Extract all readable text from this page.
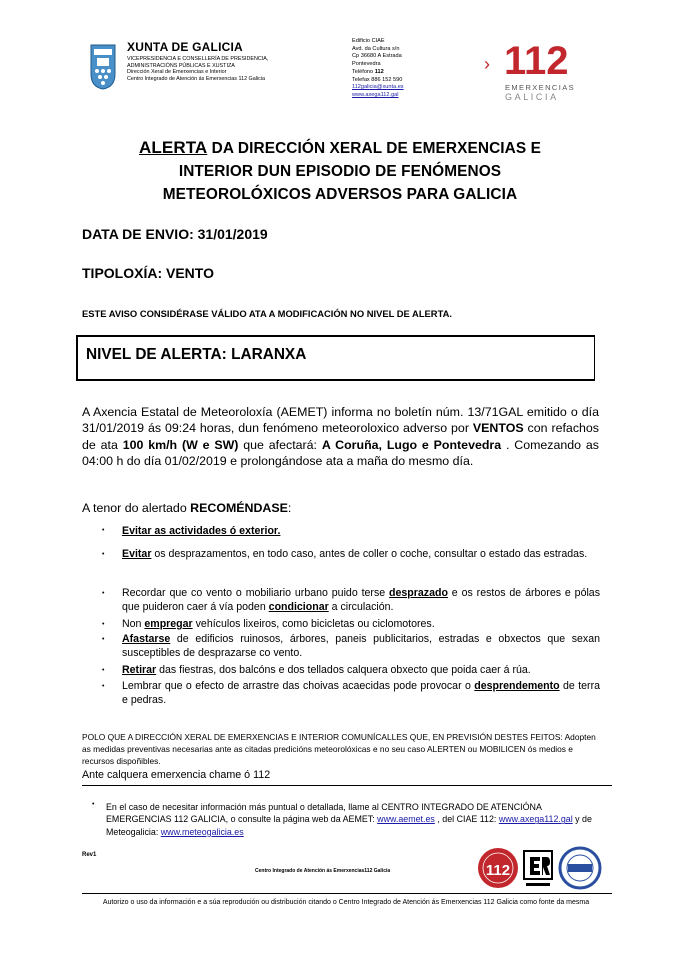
XUNTA DE GALICIA
VICEPRESIDENCIA E CONSELLERÍA DE PRESIDENCIA,
ADMINISTRACIÓNS PÚBLICAS E XUSTIZA
Dirección Xeral de Emerxencias e Interior
Centro Integrado de Atención ás Emerxencias 112 Galicia
Edificio CIAE
Avd. da Cultura s/n
Cp 36680 A Estrada
Pontevedra
Teléfono 112
Telefax 886 152 590
112galicia@xunta.es
www.axega112.gal
› 112
EMERXENCIAS
GALICIA
ALERTA DA DIRECCIÓN XERAL DE EMERXENCIAS E
INTERIOR DUN EPISODIO DE FENÓMENOS
METEOROLÓXICOS ADVERSOS PARA GALICIA
DATA DE ENVIO: 31/01/2019
TIPOLOXÍA: VENTO
ESTE AVISO CONSIDÉRASE VÁLIDO ATA A MODIFICACIÓN NO NIVEL DE ALERTA.
NIVEL DE ALERTA: LARANXA
A Axencia Estatal de Meteoroloxía (AEMET) informa no boletín núm. 13/71GAL emitido o día 31/01/2019 ás 09:24 horas, dun fenómeno meteoroloxico adverso por VENTOS con refachos de ata 100 km/h (W e SW) que afectará: A Coruña, Lugo e Pontevedra . Comezando as 04:00 h do día 01/02/2019 e prolongándose ata a maña do mesmo día.
A tenor do alertado RECOMÉNDASE:
• Evitar as actividades ó exterior.
• Evitar os desprazamentos, en todo caso, antes de coller o coche, consultar o estado das estradas.
• Recordar que co vento o mobiliario urbano puido terse desprazado e os restos de árbores e pólas que puideron caer á vía poden condicionar a circulación.
• Non empregar vehículos lixeiros, como bicicletas ou ciclomotores.
• Afastarse de edificios ruinosos, árbores, paneis publicitarios, estradas e obxectos que sexan susceptibles de desprazarse co vento.
• Retirar das fiestras, dos balcóns e dos tellados calquera obxecto que poida caer á rúa.
• Lembrar que o efecto de arrastre das choivas acaecidas pode provocar o desprendemento de terra e pedras.
POLO QUE A DIRECCIÓN XERAL DE EMERXENCIAS E INTERIOR COMUNÍCALLES QUE, EN PREVISIÓN DESTES FEITOS: Adopten as medidas preventivas necesarias ante as citadas predicións meteorolóxicas e no seu caso ALERTEN ou MOBILICEN ós medios e recursos dispoñibles.
Ante calquera emerxencia chame ó 112
• En el caso de necesitar información más puntual o detallada, llame al CENTRO INTEGRADO DE ATENCIÓNA EMERGENCIAS 112 GALICIA, o consulte la página web da AEMET: www.aemet.es , del CIAE 112: www.axega112.gal y de Meteogalicia: www.meteogalicia.es
Rev1
Centro Integrado de Atención ás Emerxencias112 Galicia	112
Autorizo o uso da información e a súa reprodución ou distribución citando o Centro Integrado de Atención ás Emerxencias 112 Galicia como fonte da mesma
